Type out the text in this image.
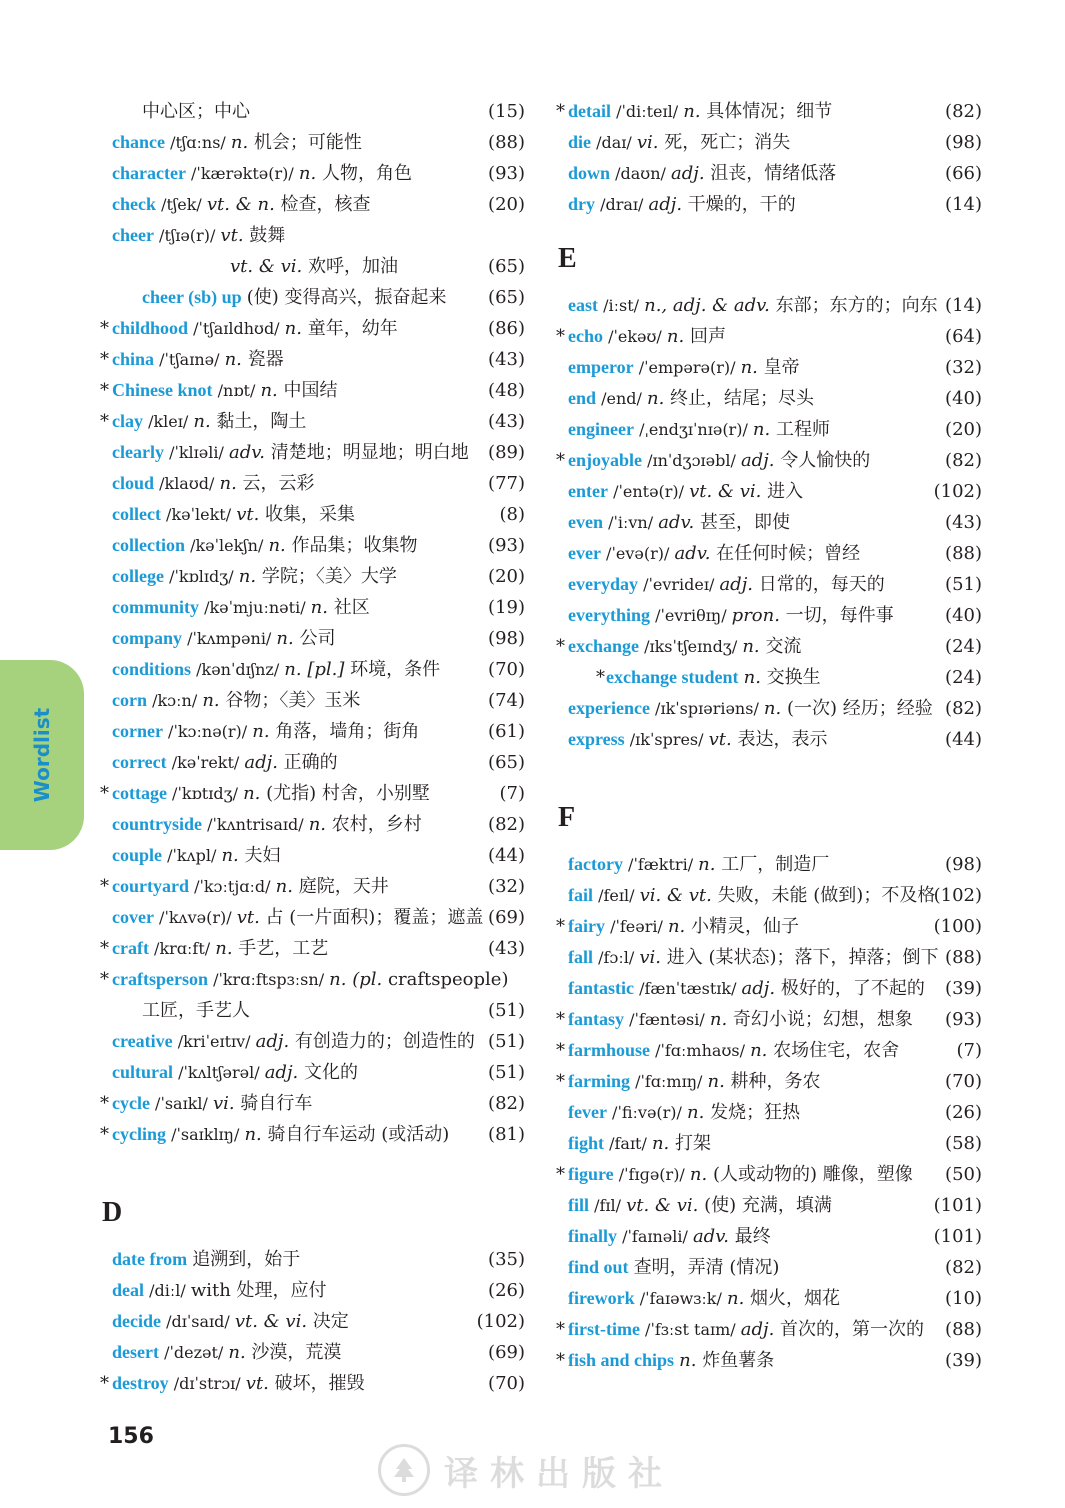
Wordlist
中心区；中心	(15)
chance /tʃɑːns/ n. 机会；可能性	(88)
character /ˈkærəktə(r)/ n. 人物，角色	(93)
check /tʃek/ vt. & n. 检查，核查	(20)
cheer /tʃɪə(r)/ vt. 鼓舞
vt. & vi. 欢呼，加油	(65)
cheer (sb) up (使) 变得高兴，振奋起来	(65)
* childhood /ˈtʃaɪldhʊd/ n. 童年，幼年	(86)
* china /ˈtʃaɪnə/ n. 瓷器	(43)
* Chinese knot /nɒt/ n. 中国结	(48)
* clay /kleɪ/ n. 黏土，陶土	(43)
clearly /ˈklɪəli/ adv. 清楚地；明显地；明白地	(89)
cloud /klaʊd/ n. 云，云彩	(77)
collect /kəˈlekt/ vt. 收集，采集	(8)
collection /kəˈlekʃn/ n. 作品集；收集物	(93)
college /ˈkɒlɪdʒ/ n. 学院；〈美〉大学	(20)
community /kəˈmjuːnəti/ n. 社区	(19)
company /ˈkʌmpəni/ n. 公司	(98)
conditions /kənˈdɪʃnz/ n. [pl.] 环境，条件	(70)
corn /kɔːn/ n. 谷物；〈美〉玉米	(74)
corner /ˈkɔːnə(r)/ n. 角落，墙角；街角	(61)
correct /kəˈrekt/ adj. 正确的	(65)
* cottage /ˈkɒtɪdʒ/ n. (尤指) 村舍，小别墅	(7)
countryside /ˈkʌntrisaɪd/ n. 农村，乡村	(82)
couple /ˈkʌpl/ n. 夫妇	(44)
* courtyard /ˈkɔːtjɑːd/ n. 庭院，天井	(32)
cover /ˈkʌvə(r)/ vt. 占 (一片面积)；覆盖；遮盖 (69)
* craft /krɑːft/ n. 手艺，工艺	(43)
* craftsperson /ˈkrɑːftspɜːsn/ n. (pl. craftspeople)
工匠，手艺人	(51)
creative /kriˈeɪtɪv/ adj. 有创造力的；创造性的 (51)
cultural /ˈkʌltʃərəl/ adj. 文化的	(51)
* cycle /ˈsaɪkl/ vi. 骑自行车	(82)
* cycling /ˈsaɪklɪŋ/ n. 骑自行车运动 (或活动)	(81)
D
date from 追溯到，始于	(35)
deal /diːl/ with 处理，应付	(26)
decide /dɪˈsaɪd/ vt. & vi. 决定	(102)
desert /ˈdezət/ n. 沙漠，荒漠	(69)
* destroy /dɪˈstrɔɪ/ vt. 破坏，摧毁	(70)
* detail /ˈdiːteɪl/ n. 具体情况；细节	(82)
die /daɪ/ vi. 死，死亡；消失	(98)
down /daʊn/ adj. 沮丧，情绪低落	(66)
dry /draɪ/ adj. 干燥的，干的	(14)
E
east /iːst/ n., adj. & adv. 东部；东方的；向东 (14)
* echo /ˈekəʊ/ n. 回声	(64)
emperor /ˈempərə(r)/ n. 皇帝	(32)
end /end/ n. 终止，结尾；尽头	(40)
engineer /ˌendʒɪˈnɪə(r)/ n. 工程师	(20)
* enjoyable /ɪnˈdʒɔɪəbl/ adj. 令人愉快的	(82)
enter /ˈentə(r)/ vt. & vi. 进入	(102)
even /ˈiːvn/ adv. 甚至，即使	(43)
ever /ˈevə(r)/ adv. 在任何时候；曾经	(88)
everyday /ˈevrideɪ/ adj. 日常的，每天的	(51)
everything /ˈevriθɪŋ/ pron. 一切，每件事	(40)
* exchange /ɪksˈtʃeɪndʒ/ n. 交流	(24)
* exchange student n. 交换生	(24)
experience /ɪkˈspɪəriəns/ n. (一次) 经历；经验 (82)
express /ɪkˈspres/ vt. 表达，表示	(44)
F
factory /ˈfæktri/ n. 工厂，制造厂	(98)
fail /feɪl/ vi. & vt. 失败，未能 (做到)；不及格
(102)
* fairy /ˈfeəri/ n. 小精灵，仙子	(100)
fall /fɔːl/ vi. 进入 (某状态)；落下，掉落；倒下 (88)
fantastic /fænˈtæstɪk/ adj. 极好的，了不起的	(39)
* fantasy /ˈfæntəsi/ n. 奇幻小说；幻想，想象	(93)
* farmhouse /ˈfɑːmhaʊs/ n. 农场住宅，农舍	(7)
* farming /ˈfɑːmɪŋ/ n. 耕种，务农	(70)
fever /ˈfiːvə(r)/ n. 发烧；狂热	(26)
fight /faɪt/ n. 打架	(58)
* figure /ˈfɪɡə(r)/ n. (人或动物的) 雕像，塑像	(50)
fill /fɪl/ vt. & vi. (使) 充满，填满	(101)
finally /ˈfaɪnəli/ adv. 最终	(101)
find out 查明，弄清 (情况)	(82)
firework /ˈfaɪəwɜːk/ n. 烟火，烟花	(10)
* first-time /ˈfɜːst taɪm/ adj. 首次的，第一次的	(88)
* fish and chips n. 炸鱼薯条	(39)
156
译林出版社
